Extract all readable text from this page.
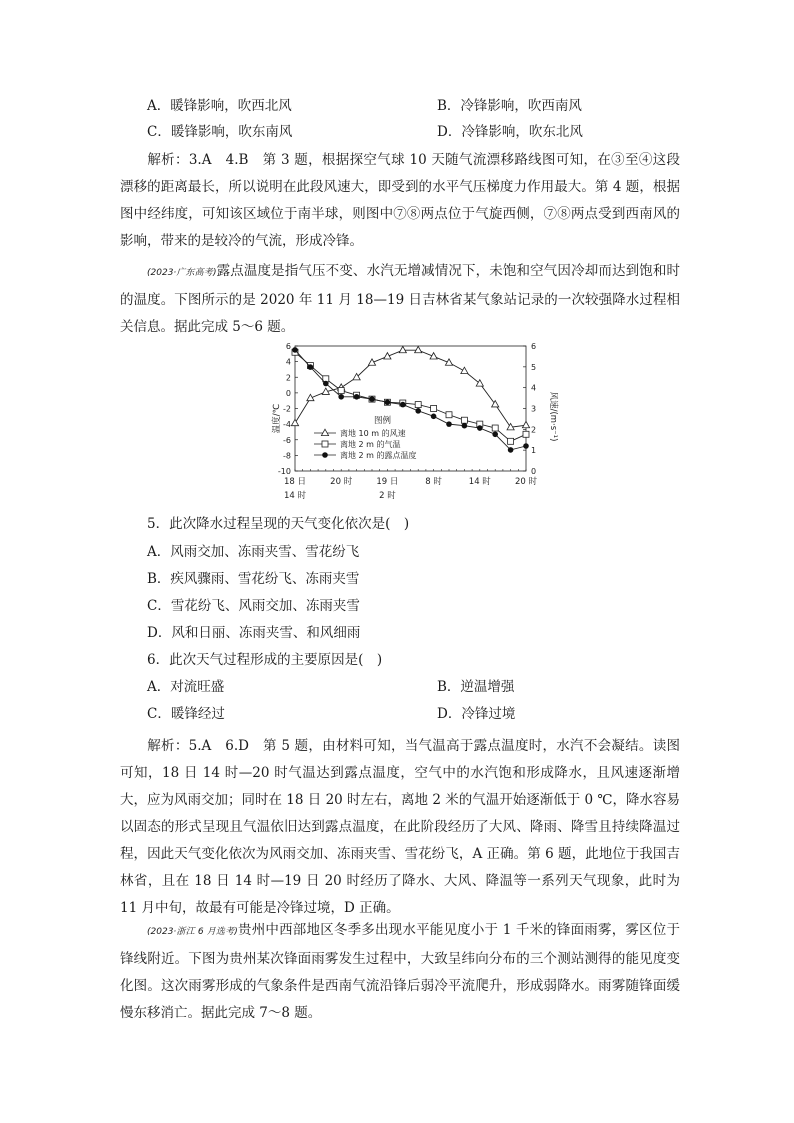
A．暖锋影响，吹西北风	B．冷锋影响，吹西南风
C．暖锋影响，吹东南风	D．冷锋影响，吹东北风
解析：3.A　4.B　第 3 题，根据探空气球 10 天随气流漂移路线图可知，在③至④这段漂移的距离最长，所以说明在此段风速大，即受到的水平气压梯度力作用最大。第 4 题，根据图中经纬度，可知该区域位于南半球，则图中⑦⑧两点位于气旋西侧，⑦⑧两点受到西南风的影响，带来的是较冷的气流，形成冷锋。
(2023·广东高考)露点温度是指气压不变、水汽无增减情况下，未饱和空气因冷却而达到饱和时的温度。下图所示的是 2020 年 11 月 18—19 日吉林省某气象站记录的一次较强降水过程相关信息。据此完成 5～6 题。
6
4
2
0
-2
-4
-6
-8
-10
6
5
4
3
2
1
0
18 日
14 时
20 时	19 日
2 时
8 时	14 时	20 时
温度/℃	风速/(m·s⁻¹)
图例
离地 10 m 的风速
离地 2 m 的气温
离地 2 m 的露点温度
5．此次降水过程呈现的天气变化依次是(　)
A．风雨交加、冻雨夹雪、雪花纷飞
B．疾风骤雨、雪花纷飞、冻雨夹雪
C．雪花纷飞、风雨交加、冻雨夹雪
D．风和日丽、冻雨夹雪、和风细雨
6．此次天气过程形成的主要原因是(　)
A．对流旺盛	B．逆温增强
C．暖锋经过	D．冷锋过境
解析：5.A　6.D　第 5 题，由材料可知，当气温高于露点温度时，水汽不会凝结。读图可知，18 日 14 时—20 时气温达到露点温度，空气中的水汽饱和形成降水，且风速逐渐增大，应为风雨交加；同时在 18 日 20 时左右，离地 2 米的气温开始逐渐低于 0 ℃，降水容易以固态的形式呈现且气温依旧达到露点温度，在此阶段经历了大风、降雨、降雪且持续降温过程，因此天气变化依次为风雨交加、冻雨夹雪、雪花纷飞，A 正确。第 6 题，此地位于我国吉林省，且在 18 日 14 时—19 日 20 时经历了降水、大风、降温等一系列天气现象，此时为 11 月中旬，故最有可能是冷锋过境，D 正确。
(2023·浙江 6 月选考)贵州中西部地区冬季多出现水平能见度小于 1 千米的锋面雨雾，雾区位于锋线附近。下图为贵州某次锋面雨雾发生过程中，大致呈纬向分布的三个测站测得的能见度变化图。这次雨雾形成的气象条件是西南气流沿锋后弱冷平流爬升，形成弱降水。雨雾随锋面缓慢东移消亡。据此完成 7～8 题。
